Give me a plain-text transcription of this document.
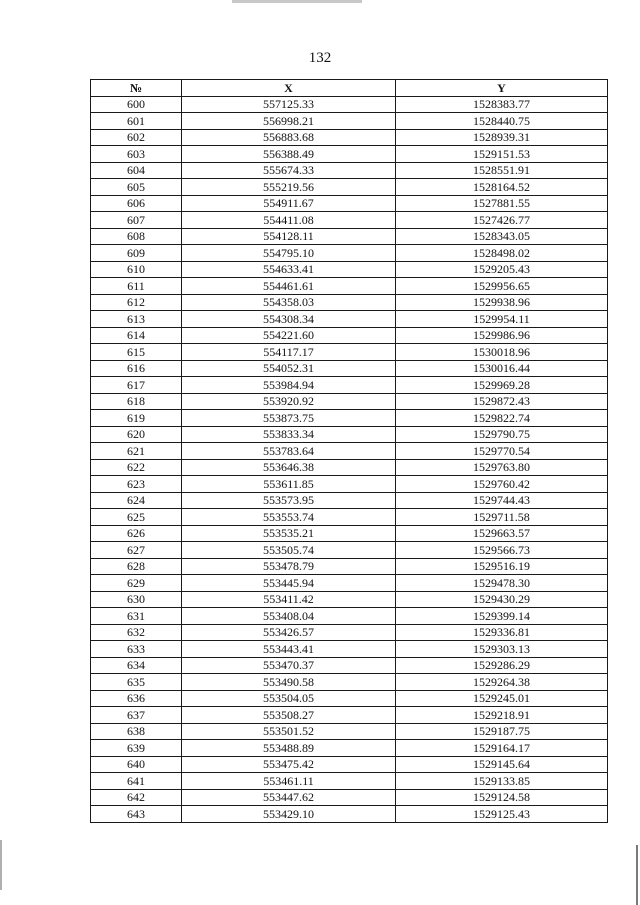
132
№	X	Y
600	557125.33	1528383.77
601	556998.21	1528440.75
602	556883.68	1528939.31
603	556388.49	1529151.53
604	555674.33	1528551.91
605	555219.56	1528164.52
606	554911.67	1527881.55
607	554411.08	1527426.77
608	554128.11	1528343.05
609	554795.10	1528498.02
610	554633.41	1529205.43
611	554461.61	1529956.65
612	554358.03	1529938.96
613	554308.34	1529954.11
614	554221.60	1529986.96
615	554117.17	1530018.96
616	554052.31	1530016.44
617	553984.94	1529969.28
618	553920.92	1529872.43
619	553873.75	1529822.74
620	553833.34	1529790.75
621	553783.64	1529770.54
622	553646.38	1529763.80
623	553611.85	1529760.42
624	553573.95	1529744.43
625	553553.74	1529711.58
626	553535.21	1529663.57
627	553505.74	1529566.73
628	553478.79	1529516.19
629	553445.94	1529478.30
630	553411.42	1529430.29
631	553408.04	1529399.14
632	553426.57	1529336.81
633	553443.41	1529303.13
634	553470.37	1529286.29
635	553490.58	1529264.38
636	553504.05	1529245.01
637	553508.27	1529218.91
638	553501.52	1529187.75
639	553488.89	1529164.17
640	553475.42	1529145.64
641	553461.11	1529133.85
642	553447.62	1529124.58
643	553429.10	1529125.43
